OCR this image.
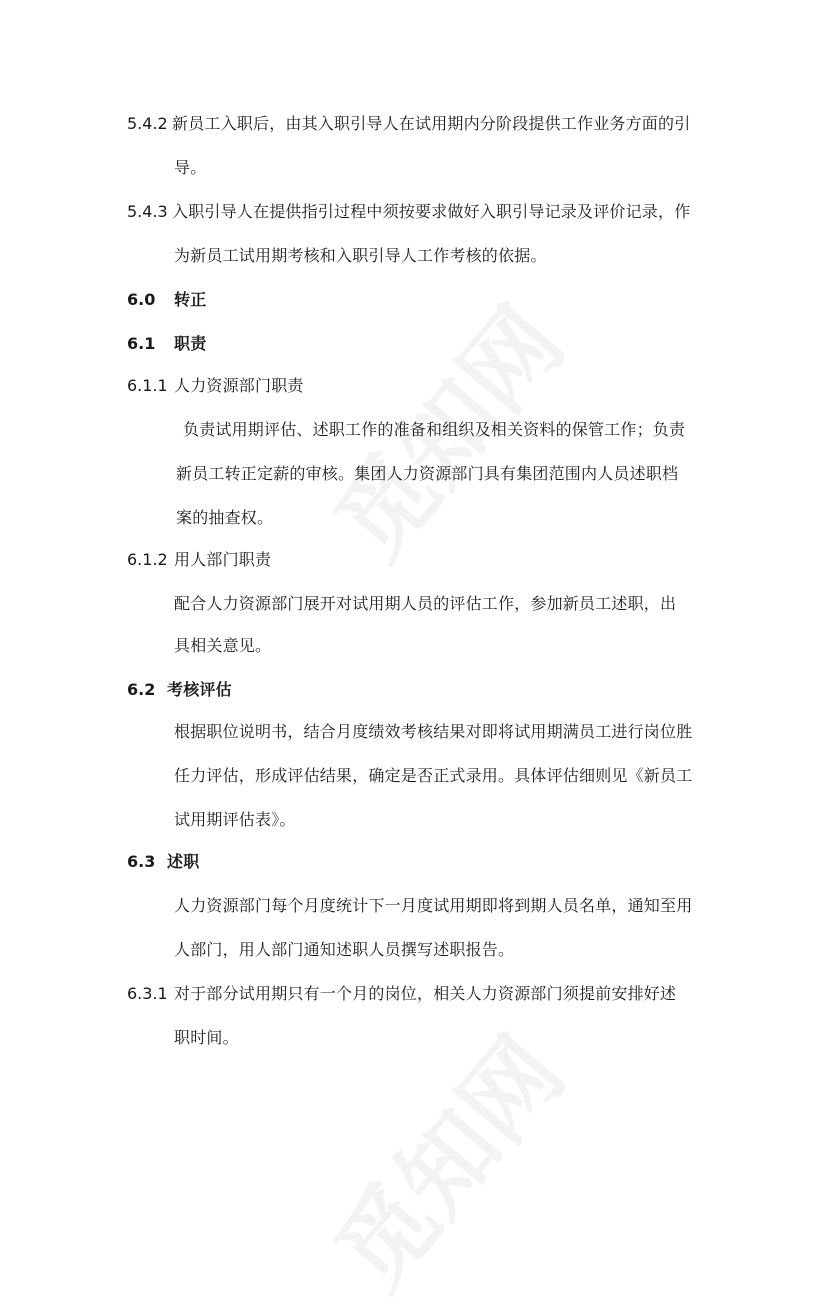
5.4.2 新员工入职后，由其入职引导人在试用期内分阶段提供工作业务方面的引
导。
5.4.3 入职引导人在提供指引过程中须按要求做好入职引导记录及评价记录，作
为新员工试用期考核和入职引导人工作考核的依据。
6.0 转正
6.1 职责
6.1.1 人力资源部门职责
负责试用期评估、述职工作的准备和组织及相关资料的保管工作；负责
新员工转正定薪的审核。集团人力资源部门具有集团范围内人员述职档
案的抽查权。
6.1.2 用人部门职责
配合人力资源部门展开对试用期人员的评估工作，参加新员工述职，出
具相关意见。
6.2 考核评估
根据职位说明书，结合月度绩效考核结果对即将试用期满员工进行岗位胜
任力评估，形成评估结果，确定是否正式录用。具体评估细则见《新员工
试用期评估表》。
6.3 述职
人力资源部门每个月度统计下一月度试用期即将到期人员名单，通知至用
人部门，用人部门通知述职人员撰写述职报告。
6.3.1 对于部分试用期只有一个月的岗位，相关人力资源部门须提前安排好述
职时间。
